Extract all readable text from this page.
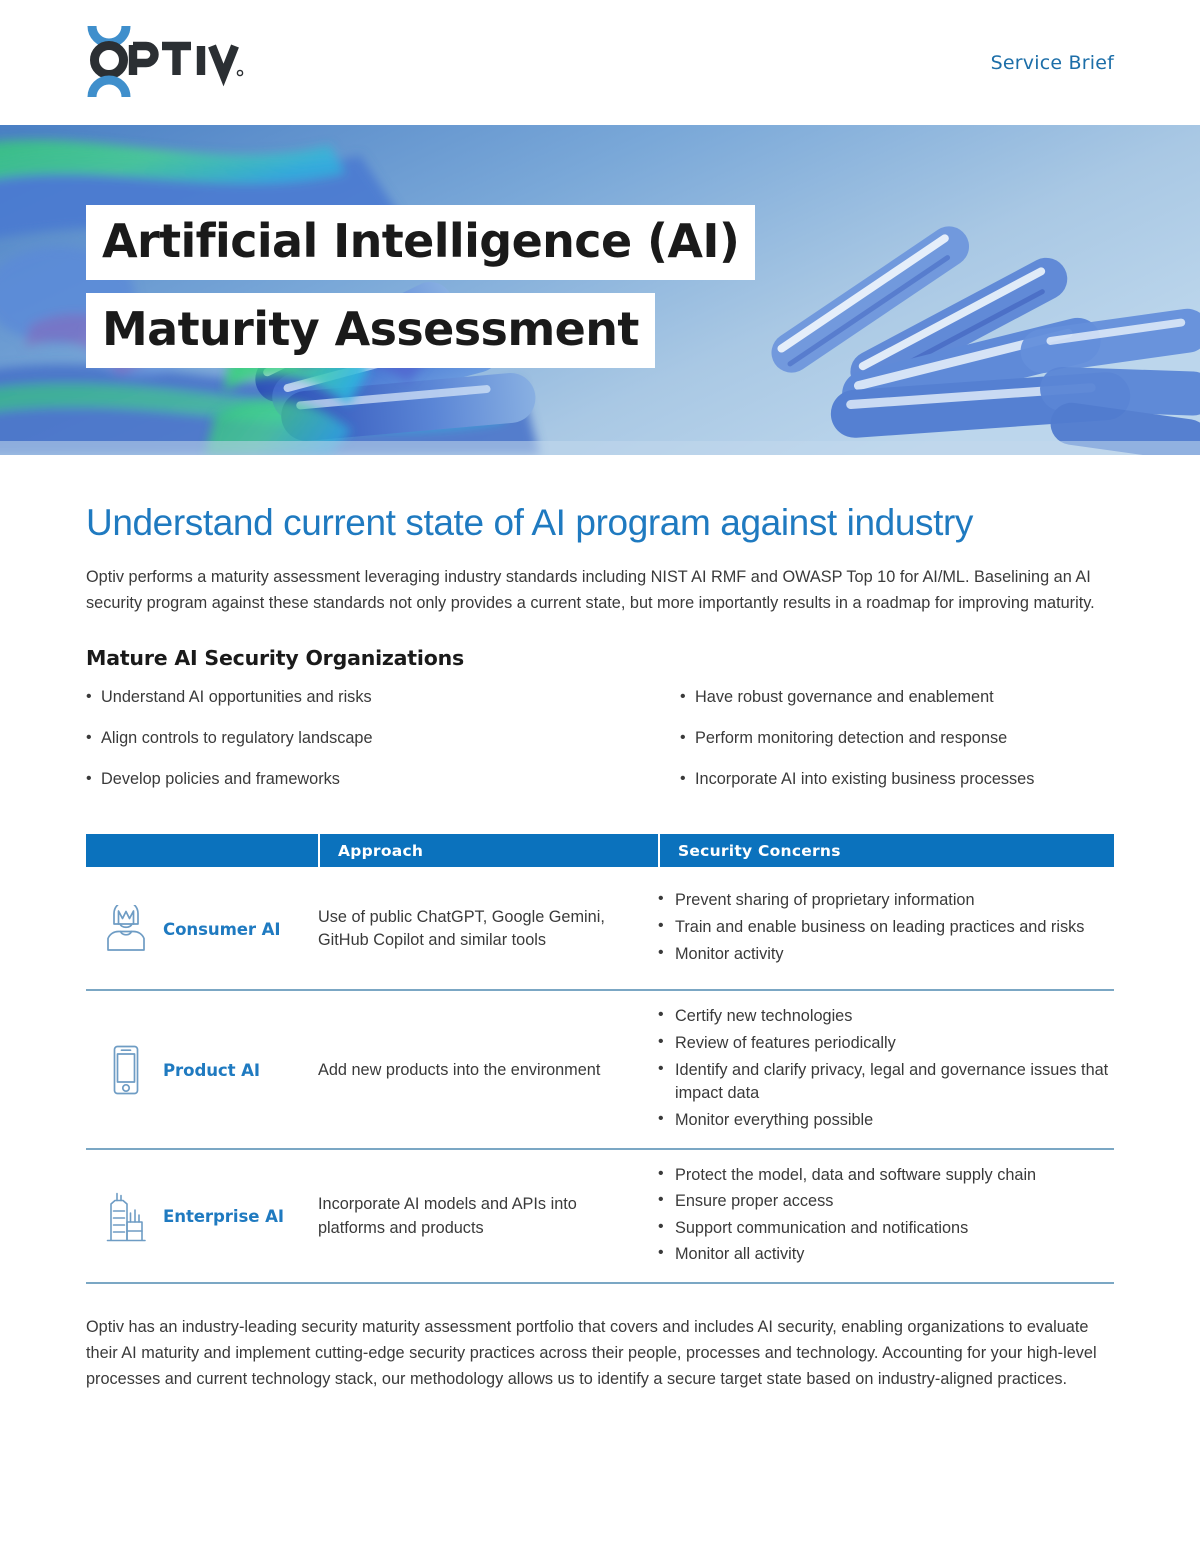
Service Brief
Artificial Intelligence (AI)
Maturity Assessment
Understand current state of AI program against industry
Optiv performs a maturity assessment leveraging industry standards including NIST AI RMF and OWASP Top 10 for AI/ML. Baselining an AI security program against these standards not only provides a current state, but more importantly results in a roadmap for improving maturity.
Mature AI Security Organizations
• Understand AI opportunities and risks
• Align controls to regulatory landscape
• Develop policies and frameworks
• Have robust governance and enablement
• Perform monitoring detection and response
• Incorporate AI into existing business processes
Approach	Security Concerns
Consumer AI
Use of public ChatGPT, Google Gemini, GitHub Copilot and similar tools
• Prevent sharing of proprietary information
• Train and enable business on leading practices and risks
• Monitor activity
Product AI	Add new products into the environment
• Certify new technologies
• Review of features periodically
• Identify and clarify privacy, legal and governance issues that impact data
• Monitor everything possible
Enterprise AI
Incorporate AI models and APIs into platforms and products
• Protect the model, data and software supply chain
• Ensure proper access
• Support communication and notifications
• Monitor all activity
Optiv has an industry-leading security maturity assessment portfolio that covers and includes AI security, enabling organizations to evaluate their AI maturity and implement cutting-edge security practices across their people, processes and technology. Accounting for your high-level processes and current technology stack, our methodology allows us to identify a secure target state based on industry-aligned practices.
